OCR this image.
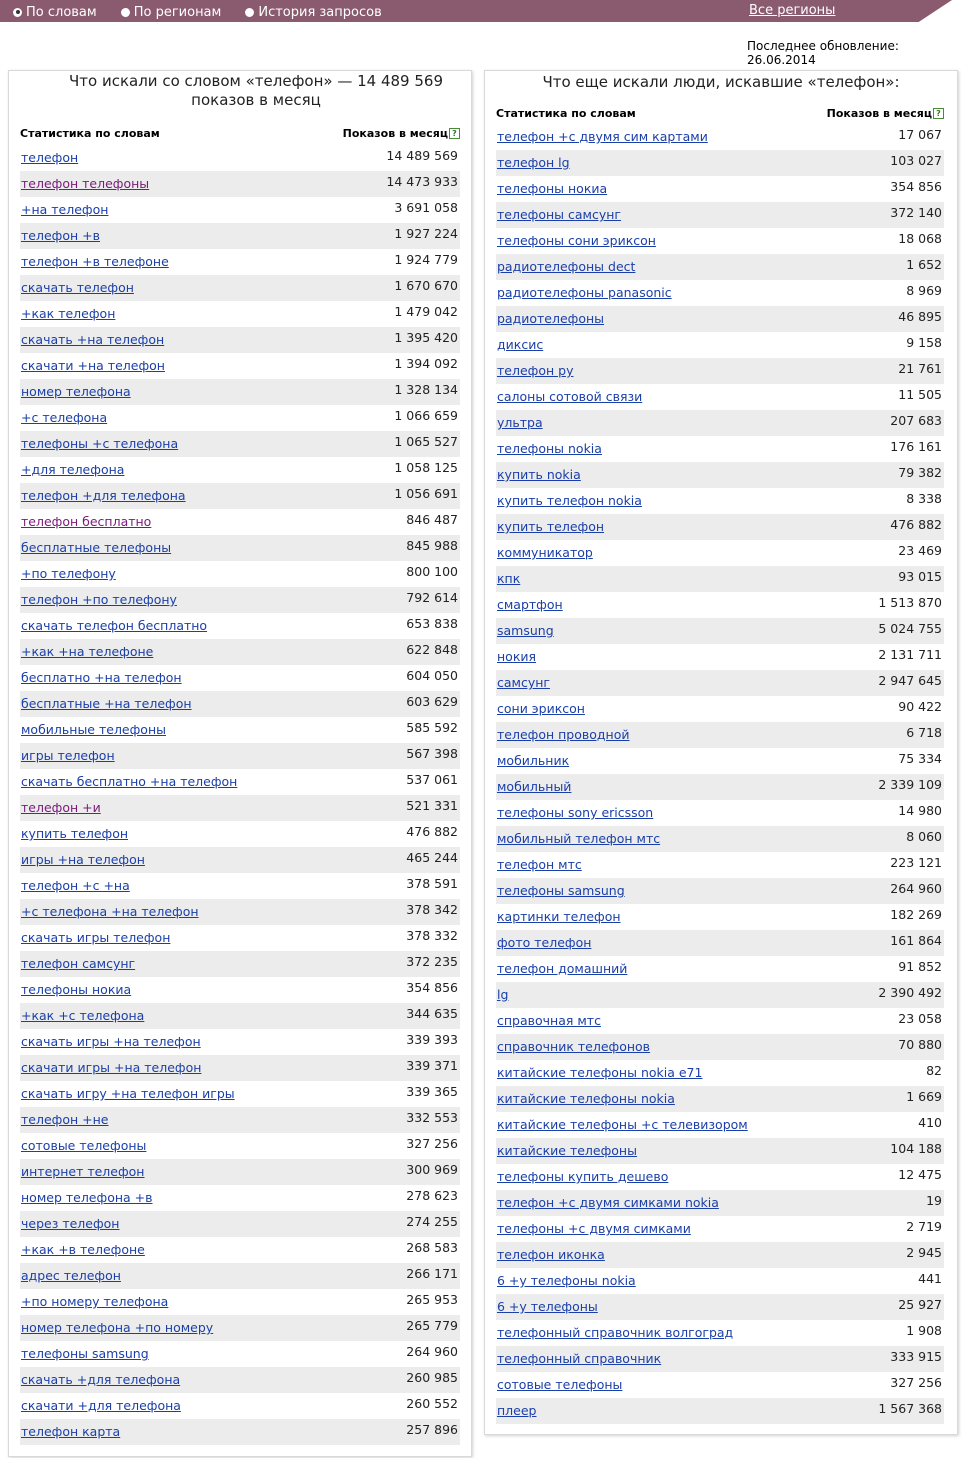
По словам	По регионам	История запросов	Все регионы
Последнее обновление: 26.06.2014
Что искали со словом «телефон» — 14 489 569 показов в месяц
Статистика по словам	Показов в месяц ?
телефон	14 489 569
телефон телефоны	14 473 933
+на телефон	3 691 058
телефон +в	1 927 224
телефон +в телефоне	1 924 779
скачать телефон	1 670 670
+как телефон	1 479 042
скачать +на телефон	1 395 420
скачати +на телефон	1 394 092
номер телефона	1 328 134
+с телефона	1 066 659
телефоны +с телефона	1 065 527
+для телефона	1 058 125
телефон +для телефона	1 056 691
телефон бесплатно	846 487
бесплатные телефоны	845 988
+по телефону	800 100
телефон +по телефону	792 614
скачать телефон бесплатно	653 838
+как +на телефоне	622 848
бесплатно +на телефон	604 050
бесплатные +на телефон	603 629
мобильные телефоны	585 592
игры телефон	567 398
скачать бесплатно +на телефон	537 061
телефон +и	521 331
купить телефон	476 882
игры +на телефон	465 244
телефон +с +на	378 591
+с телефона +на телефон	378 342
скачать игры телефон	378 332
телефон самсунг	372 235
телефоны нокиа	354 856
+как +с телефона	344 635
скачать игры +на телефон	339 393
скачати игры +на телефон	339 371
скачать игру +на телефон игры	339 365
телефон +не	332 553
сотовые телефоны	327 256
интернет телефон	300 969
номер телефона +в	278 623
через телефон	274 255
+как +в телефоне	268 583
адрес телефон	266 171
+по номеру телефона	265 953
номер телефона +по номеру	265 779
телефоны samsung	264 960
скачать +для телефона	260 985
скачати +для телефона	260 552
телефон карта	257 896
Что еще искали люди, искавшие «телефон»:
Статистика по словам	Показов в месяц ?
телефон +с двумя сим картами	17 067
телефон lg	103 027
телефоны нокиа	354 856
телефоны самсунг	372 140
телефоны сони эриксон	18 068
радиотелефоны dect	1 652
радиотелефоны panasonic	8 969
радиотелефоны	46 895
диксис	9 158
телефон ру	21 761
салоны сотовой связи	11 505
ультра	207 683
телефоны nokia	176 161
купить nokia	79 382
купить телефон nokia	8 338
купить телефон	476 882
коммуникатор	23 469
кпк	93 015
смартфон	1 513 870
samsung	5 024 755
нокия	2 131 711
самсунг	2 947 645
сони эриксон	90 422
телефон проводной	6 718
мобильник	75 334
мобильный	2 339 109
телефоны sony ericsson	14 980
мобильный телефон мтс	8 060
телефон мтс	223 121
телефоны samsung	264 960
картинки телефон	182 269
фото телефон	161 864
телефон домашний	91 852
lg	2 390 492
справочная мтс	23 058
справочник телефонов	70 880
китайские телефоны nokia e71	82
китайские телефоны nokia	1 669
китайские телефоны +с телевизором	410
китайские телефоны	104 188
телефоны купить дешево	12 475
телефон +с двумя симками nokia	19
телефоны +с двумя симками	2 719
телефон иконка	2 945
6 +у телефоны nokia	441
6 +у телефоны	25 927
телефонный справочник волгоград	1 908
телефонный справочник	333 915
сотовые телефоны	327 256
плеер	1 567 368
